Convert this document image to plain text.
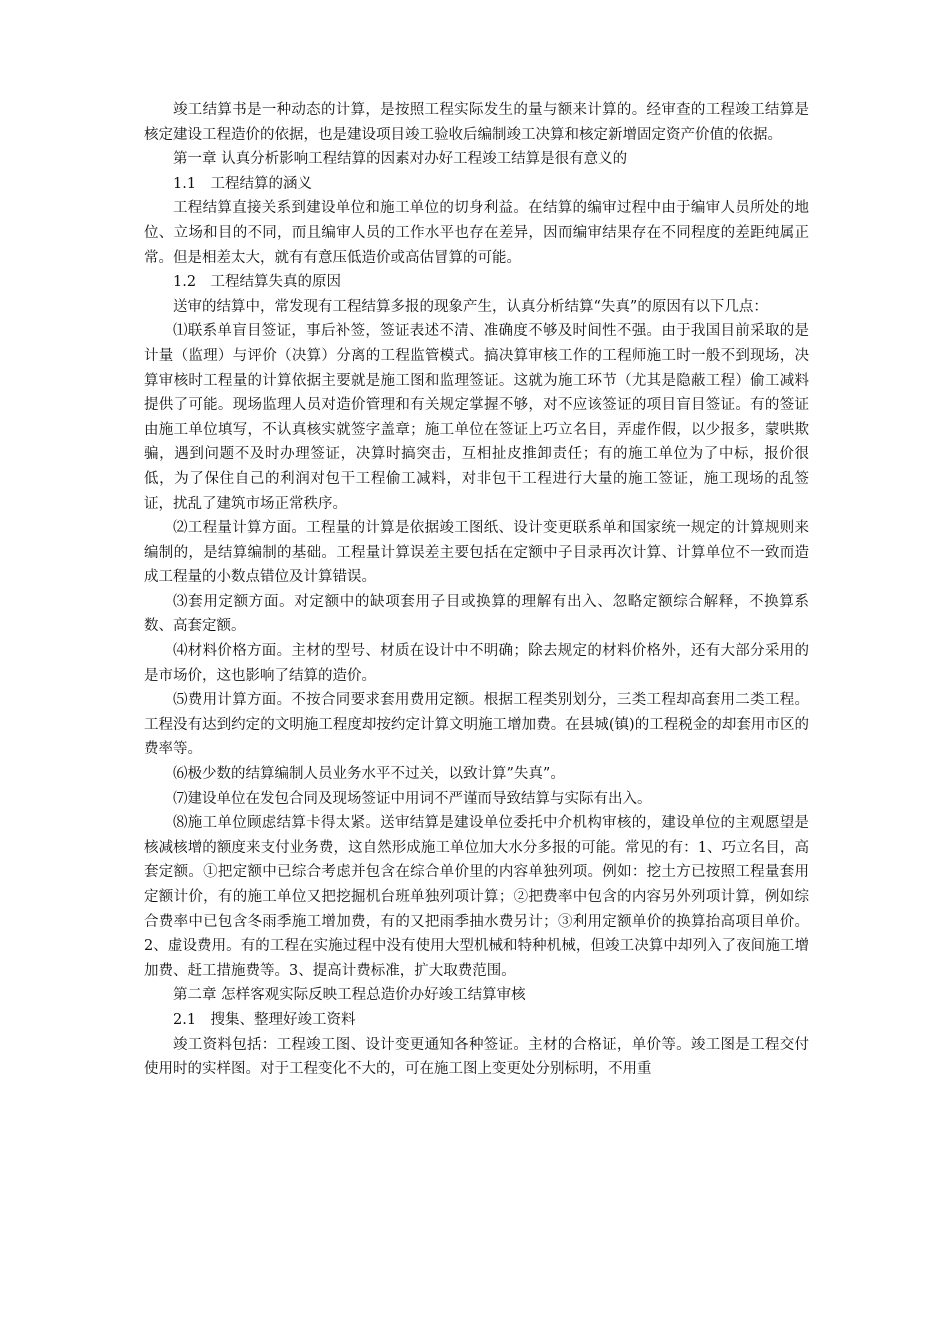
竣工结算书是一种动态的计算，是按照工程实际发生的量与额来计算的。经审查的工程竣工结算是核定建设工程造价的依据，也是建设项目竣工验收后编制竣工决算和核定新增固定资产价值的依据。

第一章 认真分析影响工程结算的因素对办好工程竣工结算是很有意义的

1.1　工程结算的涵义

工程结算直接关系到建设单位和施工单位的切身利益。在结算的编审过程中由于编审人员所处的地位、立场和目的不同，而且编审人员的工作水平也存在差异，因而编审结果存在不同程度的差距纯属正常。但是相差太大，就有有意压低造价或高估冒算的可能。

1.2　工程结算失真的原因

送审的结算中，常发现有工程结算多报的现象产生，认真分析结算“失真”的原因有以下几点：

⑴联系单盲目签证，事后补签，签证表述不清、准确度不够及时间性不强。由于我国目前采取的是计量（监理）与评价（决算）分离的工程监管模式。搞决算审核工作的工程师施工时一般不到现场，决算审核时工程量的计算依据主要就是施工图和监理签证。这就为施工环节（尤其是隐蔽工程）偷工减料提供了可能。现场监理人员对造价管理和有关规定掌握不够，对不应该签证的项目盲目签证。有的签证由施工单位填写，不认真核实就签字盖章；施工单位在签证上巧立名目，弄虚作假，以少报多，蒙哄欺骗，遇到问题不及时办理签证，决算时搞突击，互相扯皮推卸责任；有的施工单位为了中标，报价很低，为了保住自己的利润对包干工程偷工减料，对非包干工程进行大量的施工签证，施工现场的乱签证，扰乱了建筑市场正常秩序。

⑵工程量计算方面。工程量的计算是依据竣工图纸、设计变更联系单和国家统一规定的计算规则来编制的，是结算编制的基础。工程量计算误差主要包括在定额中子目录再次计算、计算单位不一致而造成工程量的小数点错位及计算错误。

⑶套用定额方面。对定额中的缺项套用子目或换算的理解有出入、忽略定额综合解释，不换算系数、高套定额。

⑷材料价格方面。主材的型号、材质在设计中不明确；除去规定的材料价格外，还有大部分采用的是市场价，这也影响了结算的造价。

⑸费用计算方面。不按合同要求套用费用定额。根据工程类别划分，三类工程却高套用二类工程。工程没有达到约定的文明施工程度却按约定计算文明施工增加费。在县城(镇)的工程税金的却套用市区的费率等。

⑹极少数的结算编制人员业务水平不过关，以致计算”失真”。

⑺建设单位在发包合同及现场签证中用词不严谨而导致结算与实际有出入。

⑻施工单位顾虑结算卡得太紧。送审结算是建设单位委托中介机构审核的，建设单位的主观愿望是核减核增的额度来支付业务费，这自然形成施工单位加大水分多报的可能。常见的有：1、巧立名目，高套定额。①把定额中已综合考虑并包含在综合单价里的内容单独列项。例如：挖土方已按照工程量套用定额计价，有的施工单位又把挖掘机台班单独列项计算；②把费率中包含的内容另外列项计算，例如综合费率中已包含冬雨季施工增加费，有的又把雨季抽水费另计；③利用定额单价的换算抬高项目单价。2、虚设费用。有的工程在实施过程中没有使用大型机械和特种机械，但竣工决算中却列入了夜间施工增加费、赶工措施费等。3、提高计费标准，扩大取费范围。

第二章 怎样客观实际反映工程总造价办好竣工结算审核

2.1　搜集、整理好竣工资料

竣工资料包括：工程竣工图、设计变更通知各种签证。主材的合格证，单价等。竣工图是工程交付使用时的实样图。对于工程变化不大的，可在施工图上变更处分别标明，不用重
